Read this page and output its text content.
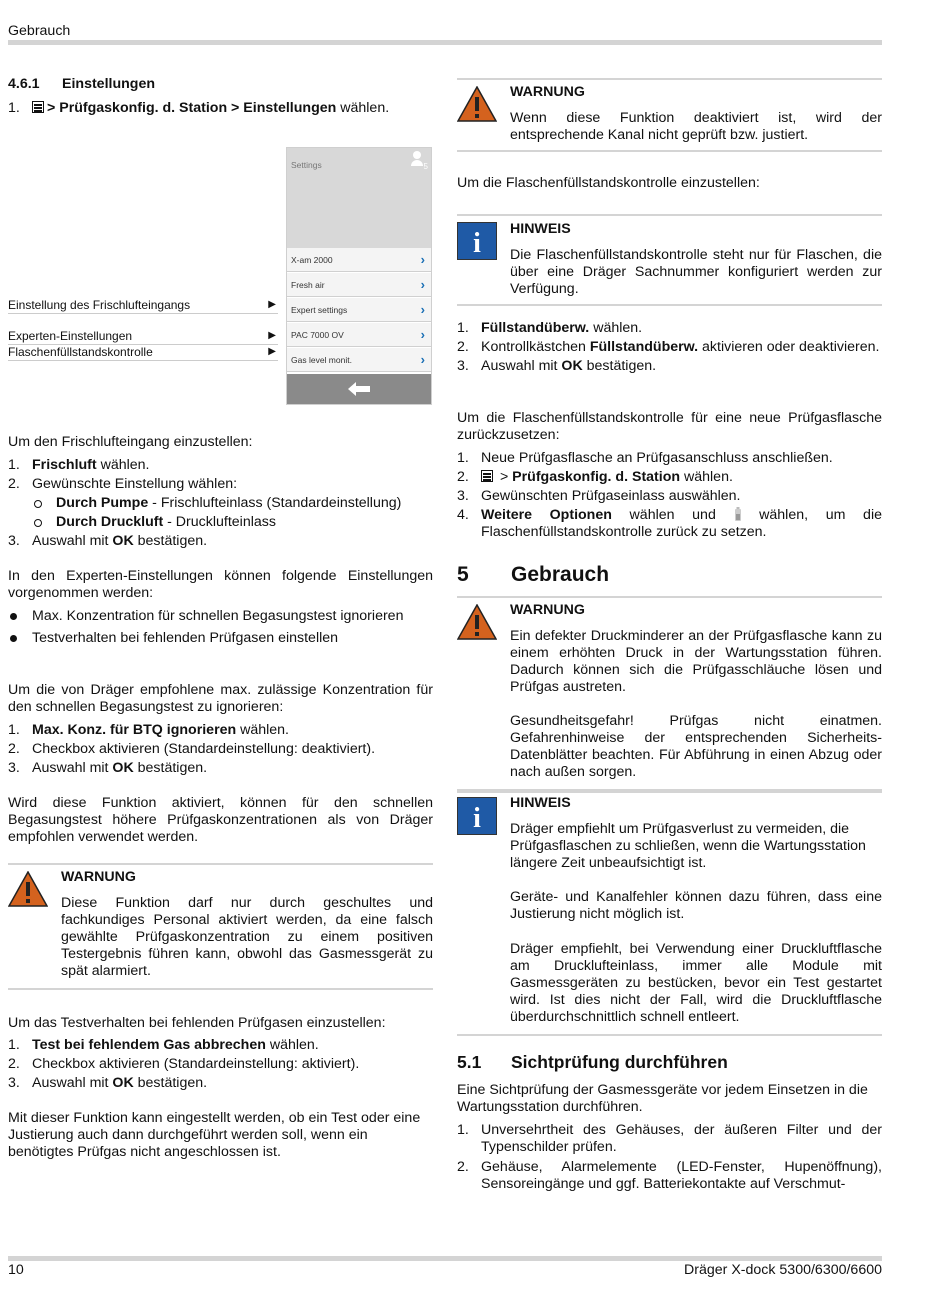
Gebrauch
4.6.1 Einstellungen
1.	> Prüfgaskonfig. d. Station > Einstellungen wählen.
Settings	5
X-am 2000	›
Fresh air	›
Expert settings	›
PAC 7000 OV	›
Gas level monit.	›
Einstellung des Frischlufteingangs	▶
Experten-Einstellungen	▶
Flaschenfüllstandskontrolle	▶

Um den Frischlufteingang einzustellen:

1. Frischluft wählen.
2. Gewünschte Einstellung wählen:
Durch Pumpe - Frischlufteinlass (Standardeinstellung)
Durch Druckluft - Drucklufteinlass
3. Auswahl mit OK bestätigen.

In den Experten-Einstellungen können folgende Einstellungen vorgenommen werden:

Max. Konzentration für schnellen Begasungstest ignorieren
Testverhalten bei fehlenden Prüfgasen einstellen

Um die von Dräger empfohlene max. zulässige Konzentration für den schnellen Begasungstest zu ignorieren:

1. Max. Konz. für BTQ ignorieren wählen.
2. Checkbox aktivieren (Standardeinstellung: deaktiviert).
3. Auswahl mit OK bestätigen.

Wird diese Funktion aktiviert, können für den schnellen Begasungstest höhere Prüfgaskonzentrationen als von Dräger empfohlen verwendet werden.

WARNUNG
Diese Funktion darf nur durch geschultes und fachkundiges Personal aktiviert werden, da eine falsch gewählte Prüfgaskonzentration zu einem positiven Testergebnis führen kann, obwohl das Gasmessgerät zu spät alarmiert.

Um das Testverhalten bei fehlenden Prüfgasen einzustellen:

1. Test bei fehlendem Gas abbrechen wählen.
2. Checkbox aktivieren (Standardeinstellung: aktiviert).
3. Auswahl mit OK bestätigen.

Mit dieser Funktion kann eingestellt werden, ob ein Test oder eine Justierung auch dann durchgeführt werden soll, wenn ein benötigtes Prüfgas nicht angeschlossen ist.

WARNUNG
Wenn diese Funktion deaktiviert ist, wird der entsprechende Kanal nicht geprüft bzw. justiert.

Um die Flaschenfüllstandskontrolle einzustellen:

i HINWEIS
Die Flaschenfüllstandskontrolle steht nur für Flaschen, die über eine Dräger Sachnummer konfiguriert werden zur Verfügung.
1. Füllstandüberw. wählen.
2. Kontrollkästchen Füllstandüberw. aktivieren oder deaktivieren.
3. Auswahl mit OK bestätigen.

Um die Flaschenfüllstandskontrolle für eine neue Prüfgasflasche zurückzusetzen:

1. Neue Prüfgasflasche an Prüfgasanschluss anschließen.
2. > Prüfgaskonfig. d. Station wählen.
3. Gewünschten Prüfgaseinlass auswählen.
4. Weitere Optionen wählen und  wählen, um die Flaschenfüllstandskontrolle zurück zu setzen.
5 Gebrauch
WARNUNG
Ein defekter Druckminderer an der Prüfgasflasche kann zu einem erhöhten Druck in der Wartungsstation führen. Dadurch können sich die Prüfgasschläuche lösen und Prüfgas austreten.
Gesundheitsgefahr! Prüfgas nicht einatmen. Gefahrenhinweise der entsprechenden Sicherheits-Datenblätter beachten. Für Abführung in einen Abzug oder nach außen sorgen.
i HINWEIS
Dräger empfiehlt um Prüfgasverlust zu vermeiden, die Prüfgasflaschen zu schließen, wenn die Wartungsstation längere Zeit unbeaufsichtigt ist.
Geräte- und Kanalfehler können dazu führen, dass eine Justierung nicht möglich ist.
Dräger empfiehlt, bei Verwendung einer Druckluftflasche am Drucklufteinlass, immer alle Module mit Gasmessgeräten zu bestücken, bevor ein Test gestartet wird. Ist dies nicht der Fall, wird die Druckluftflasche überdurchschnittlich schnell entleert.
5.1 Sichtprüfung durchführen

Eine Sichtprüfung der Gasmessgeräte vor jedem Einsetzen in die Wartungsstation durchführen.

1. Unversehrtheit des Gehäuses, der äußeren Filter und der Typenschilder prüfen.
2. Gehäuse, Alarmelemente (LED-Fenster, Hupenöffnung), Sensoreingänge und ggf. Batteriekontakte auf Verschmut-
10	Dräger X-dock 5300/6300/6600
